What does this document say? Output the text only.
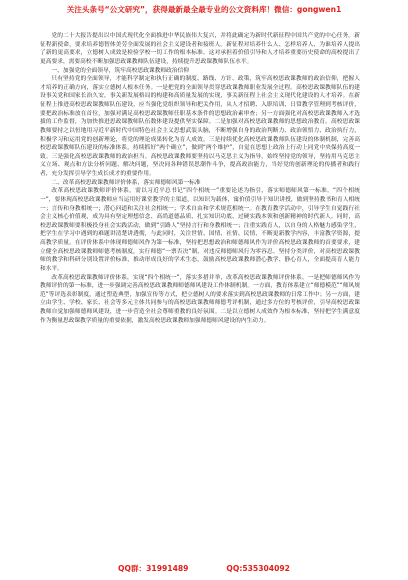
关注头条号“公文研究”，获得最新最全最专业的公文资料库！微信：gongwen1

党的二十大报告提出以中国式现代化全面推进中华民族伟大复兴，并将此确定为新时代新征程中国共产党的中心任务。新征程新使命，要求培养德智体美劳全面发展的社会主义建设者和接班人。新征程对培养什么人、怎样培养人、为谁培养人提出了新的更高要求，立德树人成效是检验学校一切工作的根本标准。这对承担着价值引导和人才培养重要历史使命的高校提出了更高要求，需要高校不断加强思政课教师队伍建设，持续提升思政课教师队伍水平。

一、加强党的全面领导，筑牢高校思政课教师政治信仰

只有坚持党的全面领导，才能科学制定和执行正确的制度、路线、方针、政策，筑牢高校思政课教师的政治信仰，把握人才培养的正确方向，落实立德树人根本任务。一是把党的全面领导贯穿思政课教师职业发展全过程。高校思政课教师队伍的建设事关党和国家长治久安，事关新发展格局的构建和高质量发展的实现，事关新征程上社会主义现代化建设的人才培养。在新征程上推进高校思政课教师队伍建设，应当强化党组织领导和把关作用，从人才招聘、入职培训、日常教学管理到考核评价，要把政治标准放在首位，加强对满足高校思政课教师任职基本条件的思想政治素审查；另一方面强化对高校思政课教师入才选拔的工作监督，为加快推进思政课教师队伍数体建设提供坚实保障。二是加强对高校思政课教师的思想政治教育。高校思政课教师要持之以恒地用习近平新时代中国特色社会主义思想武装头脑，不断增强自身的政治判断力、政治领悟力、政治执行力，积极学习和运用党的创新理论，将党的理论成果转化为育人成效。三是持续优化高校思政课教师队伍建设的体制机制，完善高校思政课教师队伍建设的标准体系，持续抓好“两个确立”，做到“两个维护”，自觉在思想上政治上行动上同党中央保持高度一致。三是强化高校思政课教师的政治担当。高校思政课教师要坚持以马克思主义为指导，始终坚持党的领导，坚持用马克思主义立场、观点和方法分析问题、解决问题，坚决同各种错误思潮作斗争，提高政治能力，当好党的创新理论的传播者和践行者，充分发挥引导学生成长成才的重要作用。

二、改革高校思政课教师评价体系，落实师德师风第一标准

改革高校思政课教师评价体系，需以习近平总书记“四个相统一”重要论述为指引，落实师德师风第一标准。“四个相统一”，要体现高校思政课教师应当运用好课堂教学的主渠道，以知识为载体，寓价值引导于知识讲授，做到坚持教书和育人相统一；言传和身教相统一；潜心问道和关注社会相统一；学术自由和学术规范相统一。在教育教学活动中，引导学生自觉践行社会主义核心价值观，成为具有坚定理想信念、高尚道德品质、扎实知识功底、过硬实践本领和创新精神的时代新人。同时，高校思政课教师要积极投身社会实践活动，做到“引路人”坚持言行和身教相统一；注重实践育人，以自身的人格魅力感染学生，把学生在学习中遇到的难题讲清楚讲透彻，与此同时，关注世情、国情、社情、民情，不断更新教学内容，丰富教学资源，提高教学质量。在评价体系中体现师德师风作为第一标准，坚持把思想政治和师德师风作为评价高校思政课教师的首要要求，建立健全高校思政课教师师德考核制度，实行师德“一票否决”制，对违反师德师风行为零容忍。坚持分类评价，对高校思政课教师的教学和科研分别设置评价标准，推动形成良好的学术生态，鼓励高校思政课教师潜心教学、静心育人，全面提高育人能力和水平。

改革高校思政课教师评价体系，实现“四个相统一”，落实多措并举，改革高校思政课教师评价体系。一是把师德师风作为教师评价的第一标准，进一步强调完善高校思政课教师师德师风建设工作体制机制。一方面，教育体系建立“师德模范”“师风规范”等评选表彰制度，通过塑造典型，加强宣传等方式，把立德树人的要求落实到高校思政课教师的日常工作中；另一方面，建立由学生、学校、家长、社会等多元主体共同参与的高校思政课教师师德考评机制，通过多方位的考核评价，引导高校思政课教师自觉加强师德师风建设，进一步营造全社会尊师重教的良好氛围。二是以立德树人成效作为根本标准，坚持把学生满意度作为衡量思政课教学质量的重要依据，激发高校思政课教师加强师德师风建设的内生动力。

QQ群：31991489	QQ:535304092
